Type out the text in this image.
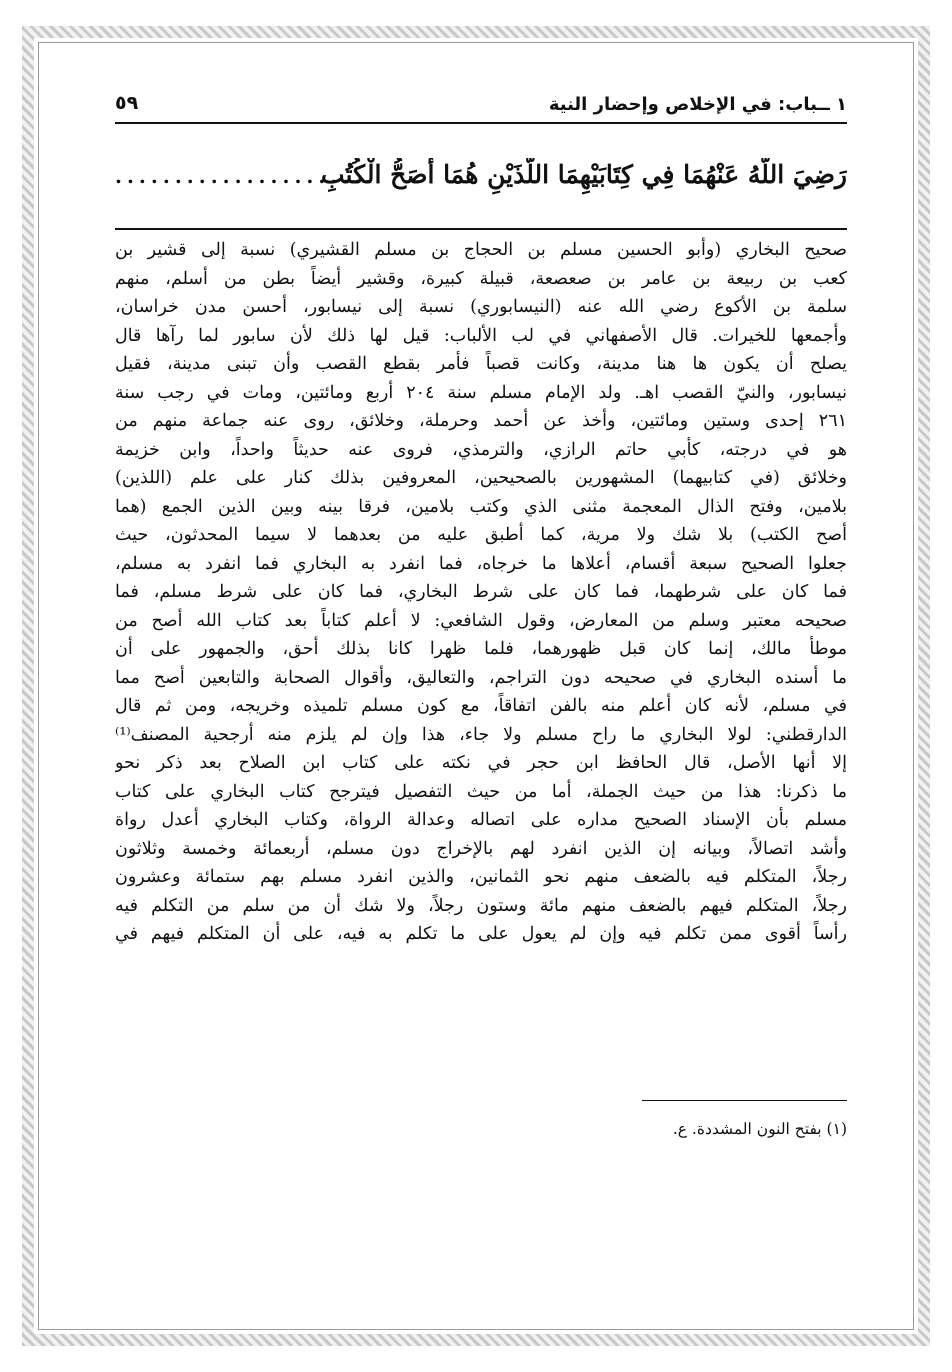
١ ــباب: في الإخلاص وإحضار النية
٥٩
رَضِيَ اللَّهُ عَنْهُمَا فِي كِتَابَيْهِمَا اللَّذَيْنِ هُمَا أَصَحُّ الْكُتُبِ
......................
صحيح البخاري (وأبو الحسين مسلم بن الحجاج بن مسلم القشيري) نسبة إلى قشير بن
كعب بن ربيعة بن عامر بن صعصعة، قبيلة كبيرة، وقشير أيضاً بطن من أسلم، منهم
سلمة بن الأكوع رضي الله عنه (النيسابوري) نسبة إلى نيسابور، أحسن مدن خراسان،
وأجمعها للخيرات. قال الأصفهاني في لب الألباب: قيل لها ذلك لأن سابور لما رآها قال
يصلح أن يكون ها هنا مدينة، وكانت قصباً فأمر بقطع القصب وأن تبنى مدينة، فقيل
نيسابور، والنيّ القصب اهـ. ولد الإمام مسلم سنة ٢٠٤ أربع ومائتين، ومات في رجب سنة
٢٦١ إحدى وستين ومائتين، وأخذ عن أحمد وحرملة، وخلائق، روى عنه جماعة منهم من
هو في درجته، كأبي حاتم الرازي، والترمذي، فروى عنه حديثاً واحداً، وابن خزيمة
وخلائق (في كتابيهما) المشهورين بالصحيحين، المعروفين بذلك كنار على علم (اللذين)
بلامين، وفتح الذال المعجمة مثنى الذي وكتب بلامين، فرقا بينه وبين الذين الجمع (هما
أصح الكتب) بلا شك ولا مرية، كما أطبق عليه من بعدهما لا سيما المحدثون، حيث
جعلوا الصحيح سبعة أقسام، أعلاها ما خرجاه، فما انفرد به البخاري فما انفرد به مسلم،
فما كان على شرطهما، فما كان على شرط البخاري، فما كان على شرط مسلم، فما
صحيحه معتبر وسلم من المعارض، وقول الشافعي: لا أعلم كتاباً بعد كتاب الله أصح من
موطأ مالك، إنما كان قبل ظهورهما، فلما ظهرا كانا بذلك أحق، والجمهور على أن
ما أسنده البخاري في صحيحه دون التراجم، والتعاليق، وأقوال الصحابة والتابعين أصح مما
في مسلم، لأنه كان أعلم منه بالفن اتفاقاً، مع كون مسلم تلميذه وخريجه، ومن ثم قال
الدارقطني: لولا البخاري ما راح مسلم ولا جاء، هذا وإن لم يلزم منه أرجحية المصنف⁽¹⁾
إلا أنها الأصل، قال الحافظ ابن حجر في نكته على كتاب ابن الصلاح بعد ذكر نحو
ما ذكرنا: هذا من حيث الجملة، أما من حيث التفصيل فيترجح كتاب البخاري على كتاب
مسلم بأن الإسناد الصحيح مداره على اتصاله وعدالة الرواة، وكتاب البخاري أعدل رواة
وأشد اتصالاً، وبيانه إن الذين انفرد لهم بالإخراج دون مسلم، أربعمائة وخمسة وثلاثون
رجلاً، المتكلم فيه بالضعف منهم نحو الثمانين، والذين انفرد مسلم بهم ستمائة وعشرون
رجلاً، المتكلم فيهم بالضعف منهم مائة وستون رجلاً، ولا شك أن من سلم من التكلم فيه
رأساً أقوى ممن تكلم فيه وإن لم يعول على ما تكلم به فيه، على أن المتكلم فيهم في
(١) بفتح النون المشددة. ع.
